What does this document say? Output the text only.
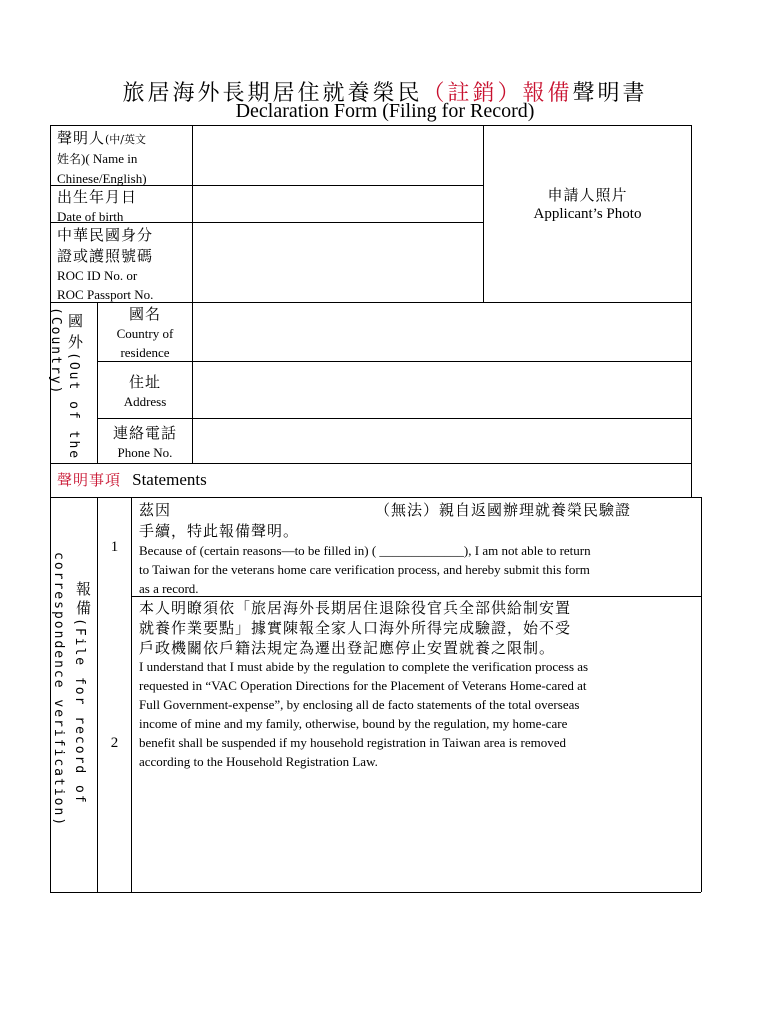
旅居海外長期居住就養榮民（註銷）報備聲明書
Declaration Form (Filing for Record)
聲明人(中/英文
姓名)( Name in
Chinese/English)
出生年月日
Date of birth
中華民國身分
證或護照號碼
ROC ID No. or
ROC Passport No.
申請人照片
Applicant’s Photo
(Country) 國
外
(Out of the
國名
Country of
residence
住址
Address
連絡電話
Phone No.
聲明事項 Statements
correspondence verification) 報
備
(File for record of
1
茲因	（無法）親自返國辦理就養榮民驗證
手續，特此報備聲明。
Because of (certain reasons—to be filled in) ( _____________), I am not able to return
to Taiwan for the veterans home care verification process, and hereby submit this form
as a record.
2
本人明瞭須依「旅居海外長期居住退除役官兵全部供給制安置
就養作業要點」據實陳報全家人口海外所得完成驗證，始不受
戶政機關依戶籍法規定為遷出登記應停止安置就養之限制。
I understand that I must abide by the regulation to complete the verification process as
requested in “VAC Operation Directions for the Placement of Veterans Home-cared at
Full Government-expense”, by enclosing all de facto statements of the total overseas
income of mine and my family, otherwise, bound by the regulation, my home-care
benefit shall be suspended if my household registration in Taiwan area is removed
according to the Household Registration Law.
